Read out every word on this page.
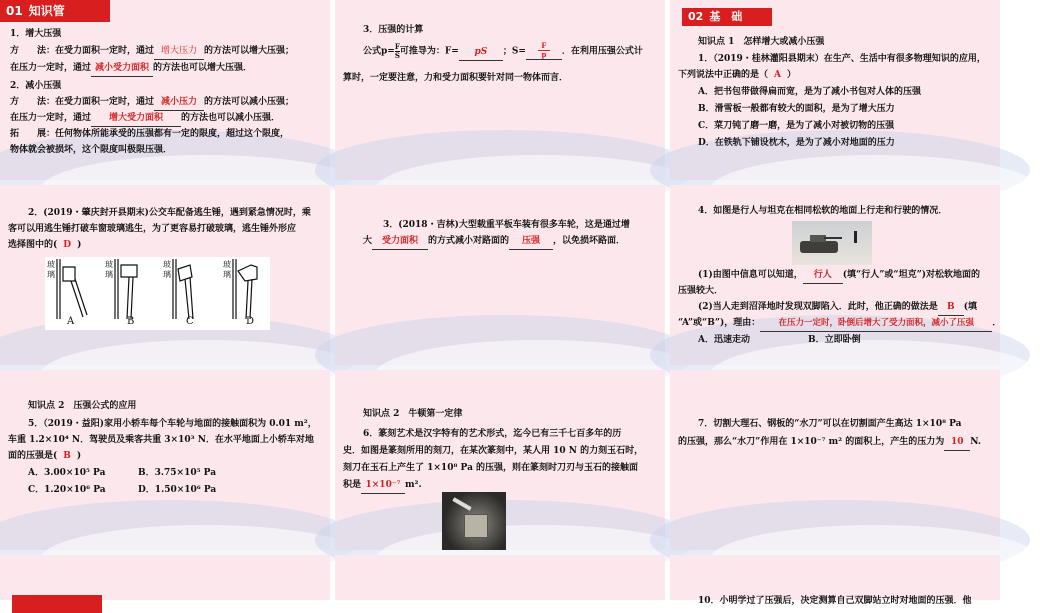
01 知识管
1．增大压强
方　　法：在受力面积一定时，通过 增大压力 的方法可以增大压强；
在压力一定时，通过 减小受力面积 的方法也可以增大压强．
2．减小压强
方　　法：在受力面积一定时，通过 减小压力 的方法可以减小压强；
在压力一定时，通过 增大受力面积 的方法也可以减小压强．
拓　　展：任何物体所能承受的压强都有一定的限度，超过这个限度，
物体就会被损坏，这个限度叫极限压强．
3．压强的计算
公式$p= \frac{F}{S}$ 可推导为：F= pS ；$S= \frac{F}{p}$ ．在利用压强公式计
算时，一定要注意，力和受力面积要针对同一物体而言．
02 基　础
知识点 1　怎样增大或减小压强
1．（2019・桂林灌阳县期末）在生产、生活中有很多物理知识的应用，
下列说法中正确的是（ A ）
A．把书包带做得扁而宽，是为了减小书包对人体的压强
B．滑雪板一般都有较大的面积，是为了增大压力
C．菜刀钝了磨一磨，是为了减小对被切物的压强
D．在铁轨下铺设枕木，是为了减小对地面的压力
2．(2019・肇庆封开县期末)公交车配备逃生锤，遇到紧急情况时，乘
客可以用逃生锤打破车窗玻璃逃生，为了更容易打破玻璃，逃生锤外形应
选择图中的( D )
玻
璃
玻
璃
玻
璃
玻
璃
A	B	C	D
3．(2018・吉林)大型载重平板车装有很多车轮，这是通过增
大 受力面积 的方式减小对路面的 压强 ，以免损坏路面．
4．如图是行人与坦克在相同松软的地面上行走和行驶的情况．
(1)由图中信息可以知道， 行人 (填“行人”或“坦克”)对松软地面的
压强较大．
(2)当人走到沼泽地时发现双脚陷入．此时，他正确的做法是 B (填
“A”或“B”)，理由： 在压力一定时，卧倒后增大了受力面积，减小了压强 ．
A．迅速走动	B．立即卧倒
知识点 2　压强公式的应用
5．（2019・益阳)家用小轿车每个车轮与地面的接触面积为 0.01 m²，
车重 1.2×10⁴ N．驾驶员及乘客共重 3×10³ N．在水平地面上小轿车对地
面的压强是( B )
A．3.00×10⁵ Pa	B．3.75×10⁵ Pa
C．1.20×10⁶ Pa	D．1.50×10⁶ Pa
知识点 2　牛顿第一定律
6．篆刻艺术是汉字特有的艺术形式，迄今已有三千七百多年的历
史．如图是篆刻所用的刻刀，在某次篆刻中，某人用 10 N 的力刻玉石时，
刻刀在玉石上产生了 1×10⁸ Pa 的压强，则在篆刻时刀刃与玉石的接触面
积是 1×10⁻⁷ m².
7．切割大理石、钢板的“水刀”可以在切割面产生高达 1×10⁸ Pa
的压强，那么“水刀”作用在 1×10⁻⁷ m² 的面积上，产生的压力为 10 N.
10．小明学过了压强后，决定测算自己双脚站立时对地面的压强．他
